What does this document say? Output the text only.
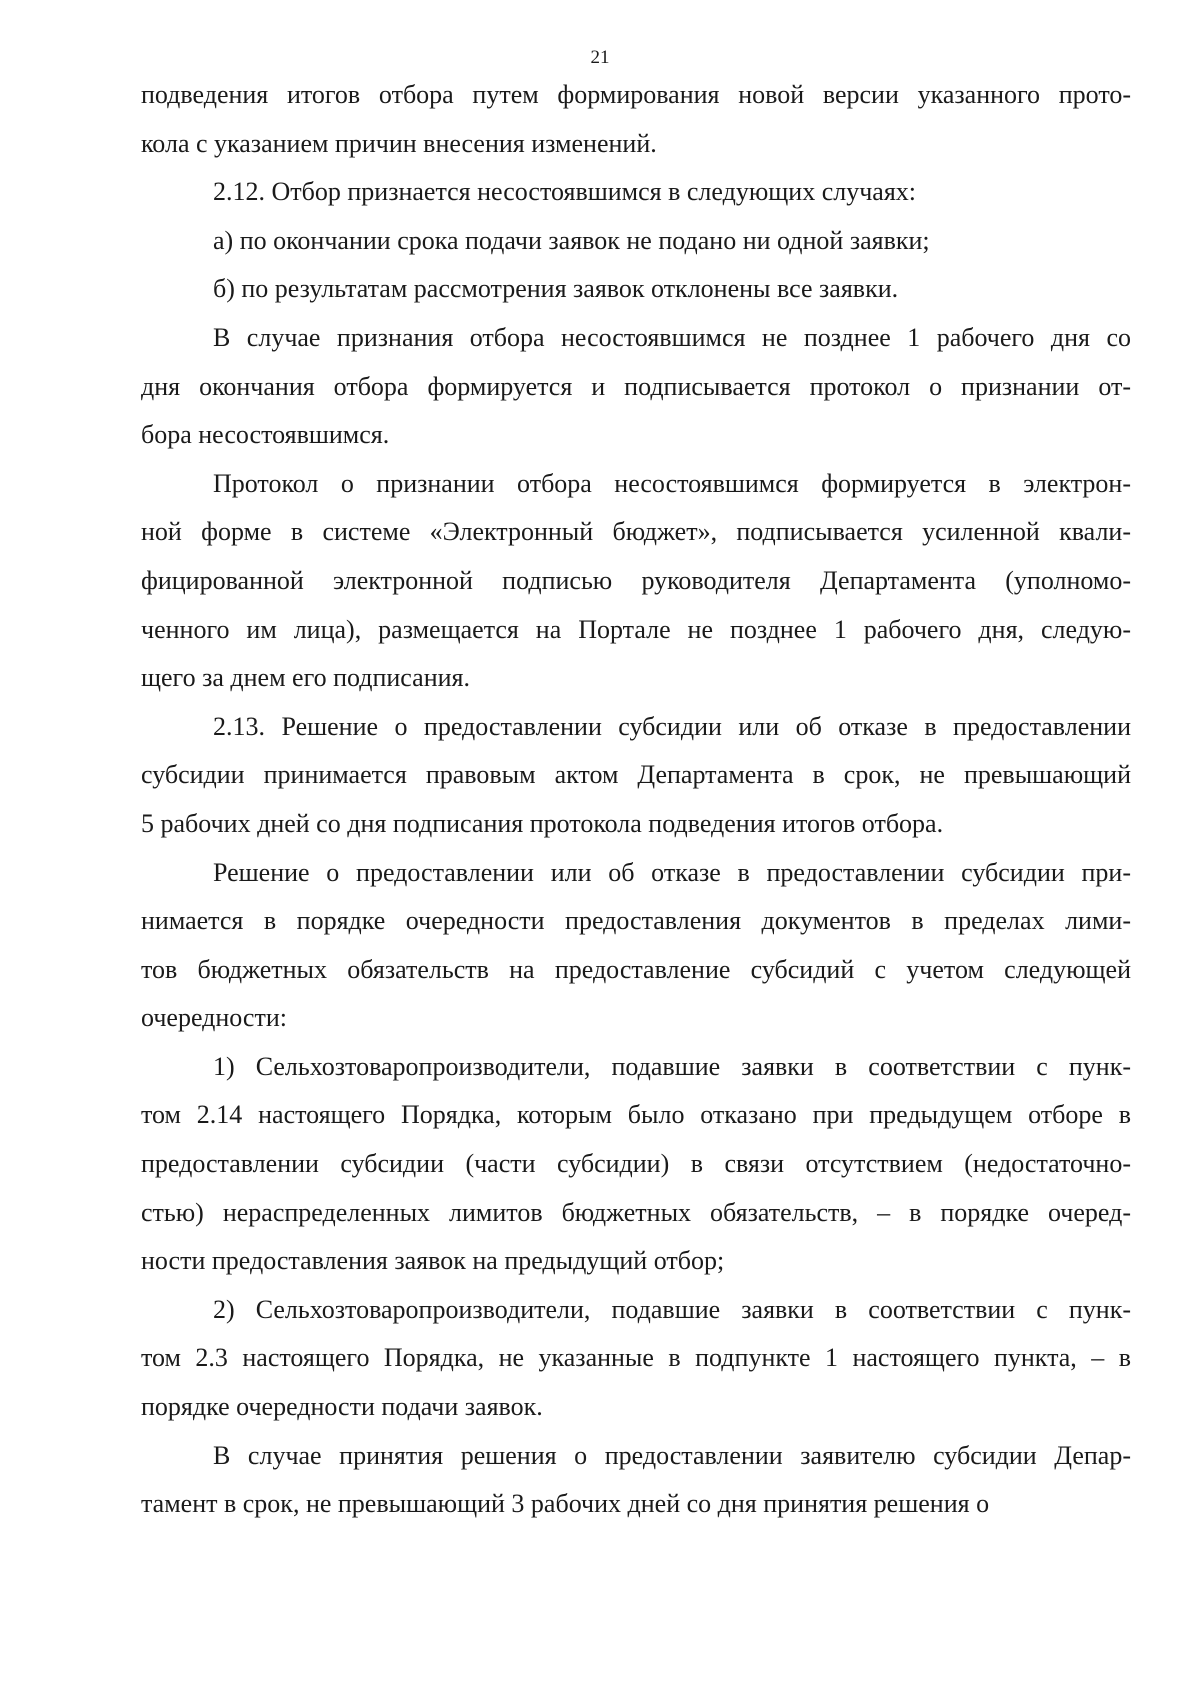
21

подведения итогов отбора путем формирования новой версии указанного прото-

кола с указанием причин внесения изменений.

2.12. Отбор признается несостоявшимся в следующих случаях:

а) по окончании срока подачи заявок не подано ни одной заявки;

б) по результатам рассмотрения заявок отклонены все заявки.

В случае признания отбора несостоявшимся не позднее 1 рабочего дня со

дня окончания отбора формируется и подписывается протокол о признании от-

бора несостоявшимся.

Протокол о признании отбора несостоявшимся формируется в электрон-

ной форме в системе «Электронный бюджет», подписывается усиленной квали-

фицированной электронной подписью руководителя Департамента (уполномо-

ченного им лица), размещается на Портале не позднее 1 рабочего дня, следую-

щего за днем его подписания.

2.13. Решение о предоставлении субсидии или об отказе в предоставлении

субсидии принимается правовым актом Департамента в срок, не превышающий

5 рабочих дней со дня подписания протокола подведения итогов отбора.

Решение о предоставлении или об отказе в предоставлении субсидии при-

нимается в порядке очередности предоставления документов в пределах лими-

тов бюджетных обязательств на предоставление субсидий с учетом следующей

очередности:

1) Сельхозтоваропроизводители, подавшие заявки в соответствии с пунк-

том 2.14 настоящего Порядка, которым было отказано при предыдущем отборе в

предоставлении субсидии (части субсидии) в связи отсутствием (недостаточно-

стью) нераспределенных лимитов бюджетных обязательств, – в порядке очеред-

ности предоставления заявок на предыдущий отбор;

2) Сельхозтоваропроизводители, подавшие заявки в соответствии с пунк-

том 2.3 настоящего Порядка, не указанные в подпункте 1 настоящего пункта, – в

порядке очередности подачи заявок.

В случае принятия решения о предоставлении заявителю субсидии Депар-

тамент в срок, не превышающий 3 рабочих дней со дня принятия решения о
